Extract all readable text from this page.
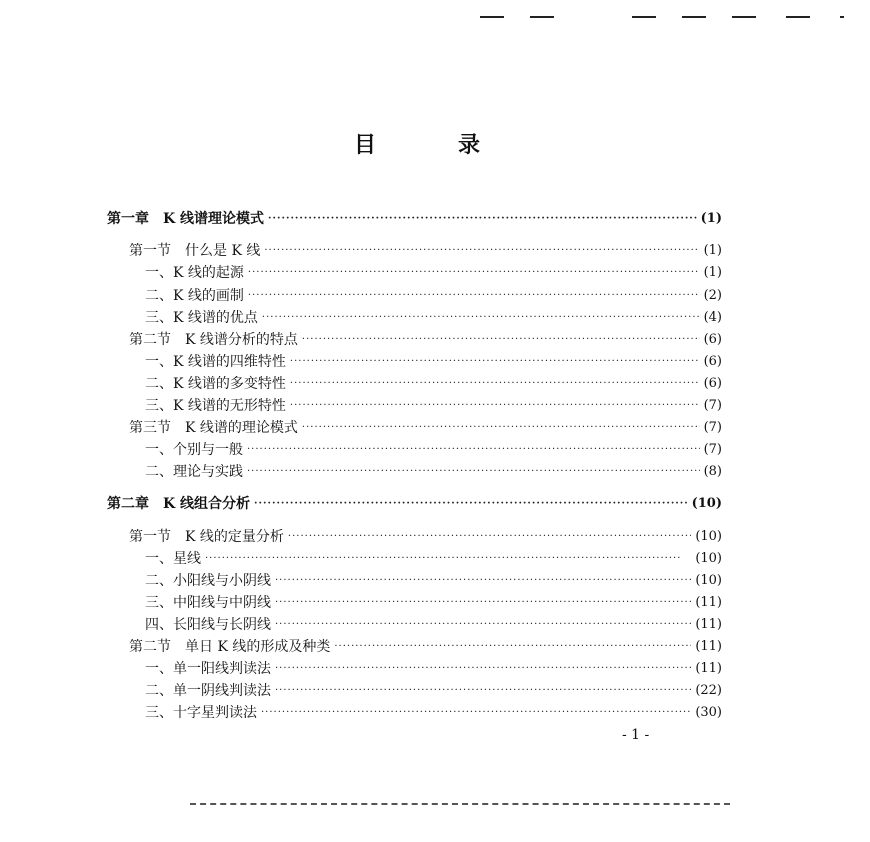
目	录
第一章　K 线谱理论模式 ·····	(1)
第一节　什么是 K 线 ·····	(1)
一、K 线的起源 ·····	(1)
二、K 线的画制 ·····	(2)
三、K 线谱的优点 ·····	(4)
第二节　K 线谱分析的特点 ·····	(6)
一、K 线谱的四维特性 ·····	(6)
二、K 线谱的多变特性 ·····	(6)
三、K 线谱的无形特性 ·····	(7)
第三节　K 线谱的理论模式 ·····	(7)
一、个别与一般 ·····	(7)
二、理论与实践 ·····	(8)
第二章　K 线组合分析 ·····	(10)
第一节　K 线的定量分析 ·····	(10)
一、星线 ·····	(10)
二、小阳线与小阴线 ·····	(10)
三、中阳线与中阴线 ·····	(11)
四、长阳线与长阴线 ·····	(11)
第二节　单日 K 线的形成及种类 ·····	(11)
一、单一阳线判读法 ·····	(11)
二、单一阴线判读法 ·····	(22)
三、十字星判读法 ·····	(30)
- 1 -
